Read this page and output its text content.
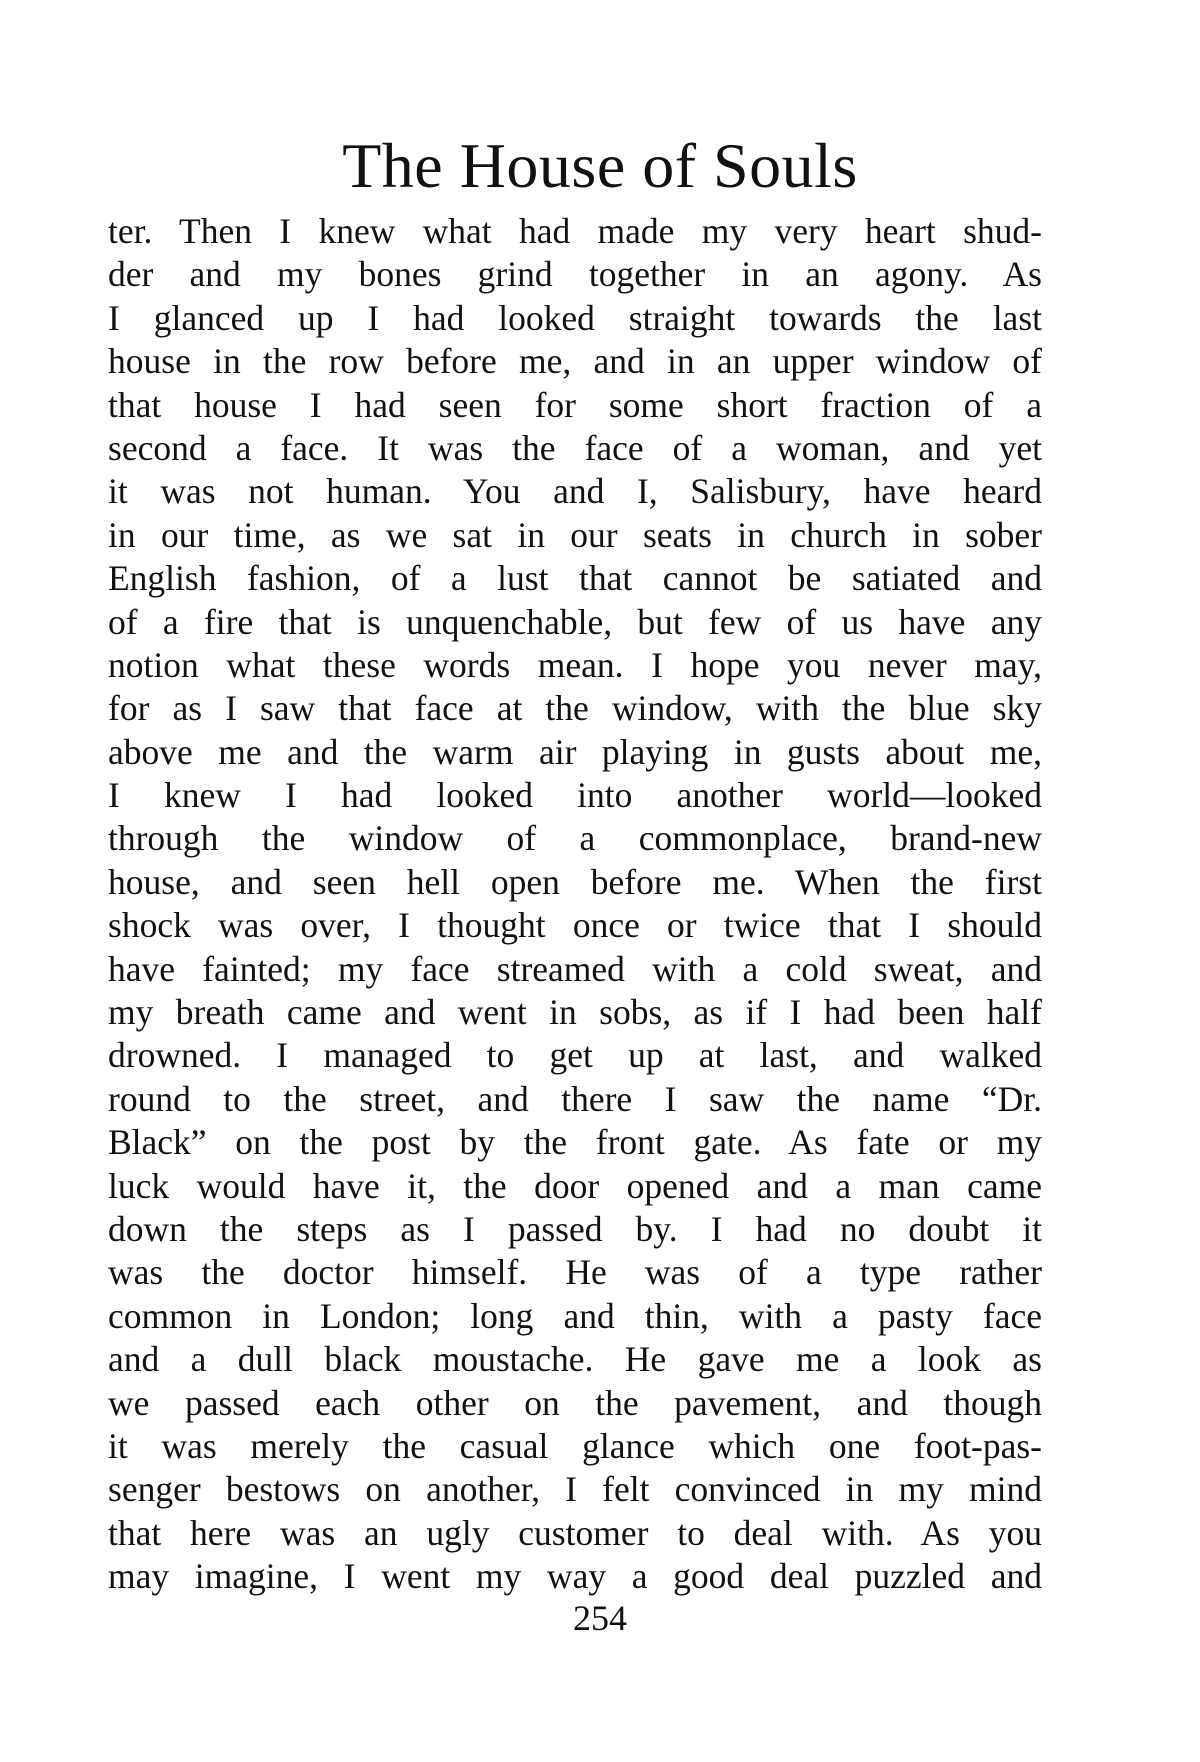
The House of Souls
ter. Then I knew what had made my very heart shud-
der and my bones grind together in an agony. As
I glanced up I had looked straight towards the last
house in the row before me, and in an upper window of
that house I had seen for some short fraction of a
second a face. It was the face of a woman, and yet
it was not human. You and I, Salisbury, have heard
in our time, as we sat in our seats in church in sober
English fashion, of a lust that cannot be satiated and
of a fire that is unquenchable, but few of us have any
notion what these words mean. I hope you never may,
for as I saw that face at the window, with the blue sky
above me and the warm air playing in gusts about me,
I knew I had looked into another world—looked
through the window of a commonplace, brand-new
house, and seen hell open before me. When the first
shock was over, I thought once or twice that I should
have fainted; my face streamed with a cold sweat, and
my breath came and went in sobs, as if I had been half
drowned. I managed to get up at last, and walked
round to the street, and there I saw the name “Dr.
Black” on the post by the front gate. As fate or my
luck would have it, the door opened and a man came
down the steps as I passed by. I had no doubt it
was the doctor himself. He was of a type rather
common in London; long and thin, with a pasty face
and a dull black moustache. He gave me a look as
we passed each other on the pavement, and though
it was merely the casual glance which one foot-pas-
senger bestows on another, I felt convinced in my mind
that here was an ugly customer to deal with. As you
may imagine, I went my way a good deal puzzled and
254
